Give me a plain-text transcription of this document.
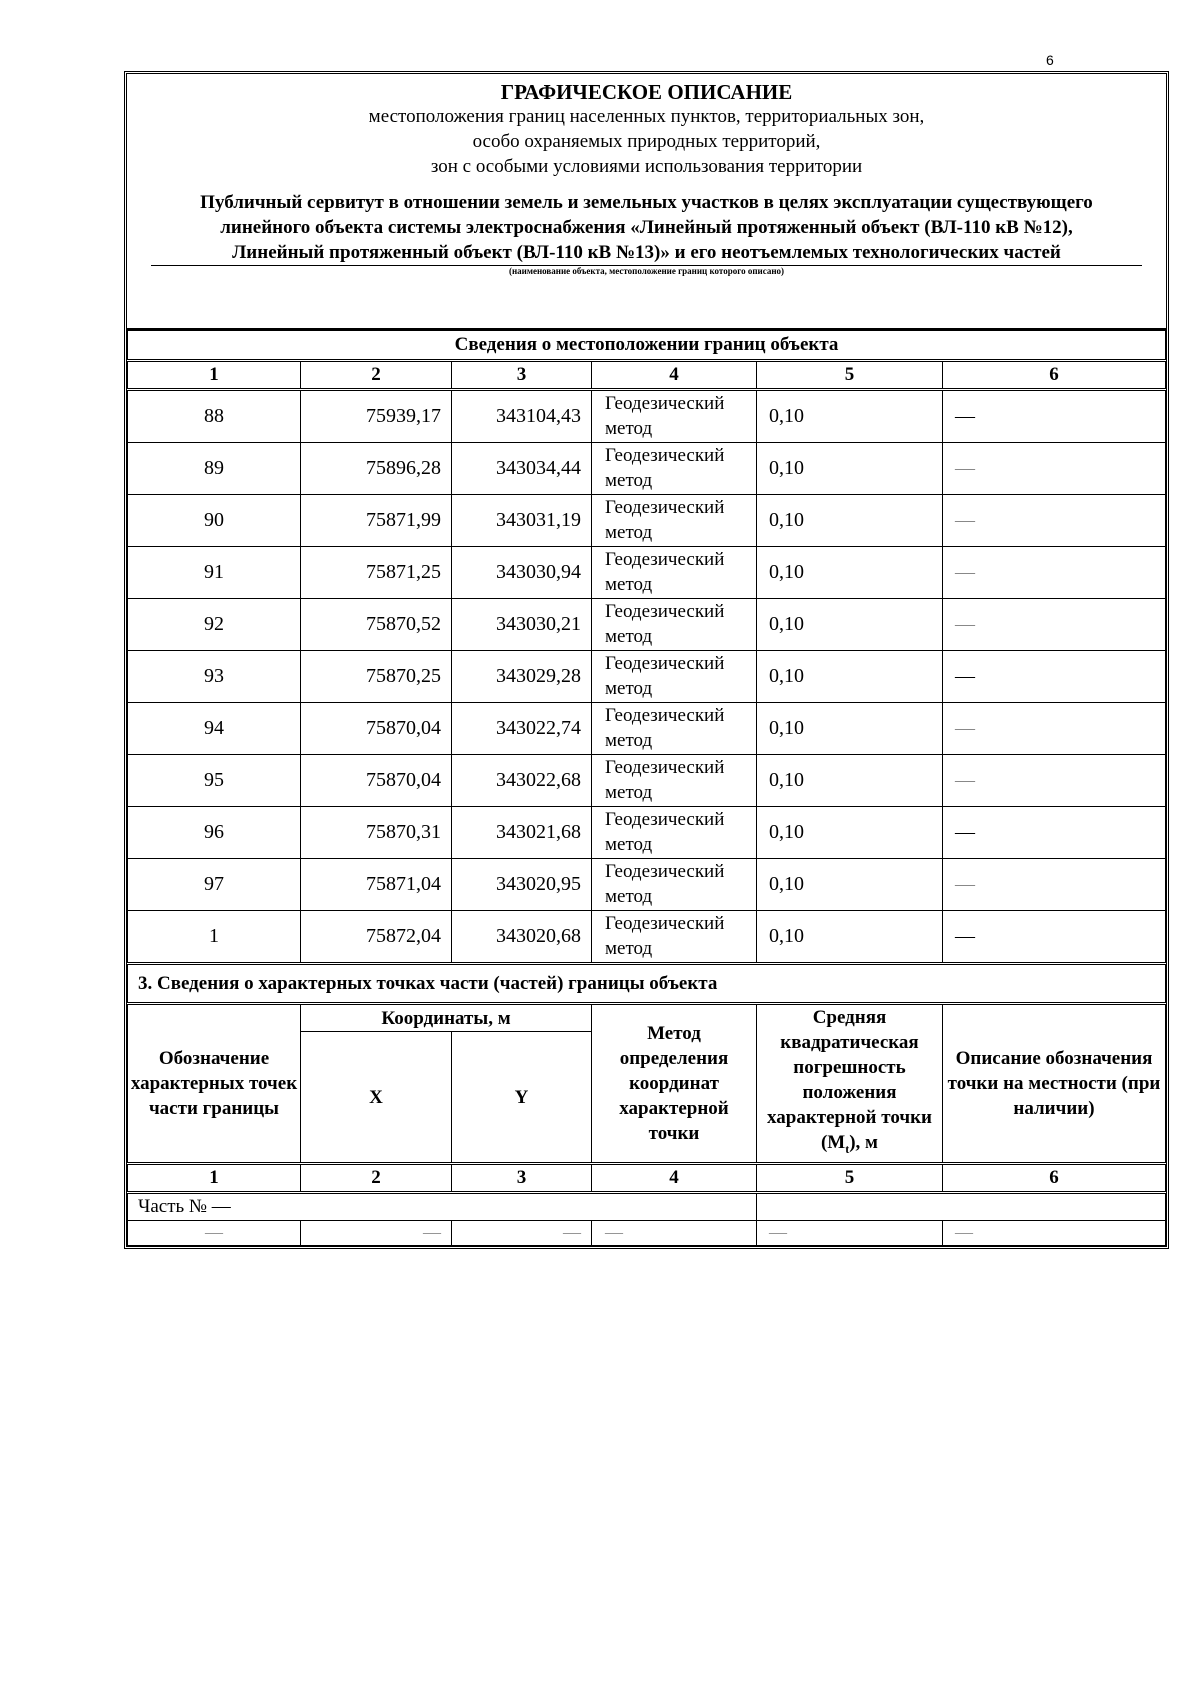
6
ГРАФИЧЕСКОЕ ОПИСАНИЕ
местоположения границ населенных пунктов, территориальных зон,
особо охраняемых природных территорий,
зон с особыми условиями использования территории
Публичный сервитут в отношении земель и земельных участков в целях эксплуатации существующего линейного объекта системы электроснабжения «Линейный протяженный объект (ВЛ-110 кВ №12), Линейный протяженный объект (ВЛ-110 кВ №13)» и его неотъемлемых технологических частей
(наименование объекта, местоположение границ которого описано)
Сведения о местоположении границ объекта					
1	2	3	4	5	6
88	75939,17	343104,43	Геодезический метод	0,10	—
89	75896,28	343034,44	Геодезический метод	0,10	—
90	75871,99	343031,19	Геодезический метод	0,10	—
91	75871,25	343030,94	Геодезический метод	0,10	—
92	75870,52	343030,21	Геодезический метод	0,10	—
93	75870,25	343029,28	Геодезический метод	0,10	—
94	75870,04	343022,74	Геодезический метод	0,10	—
95	75870,04	343022,68	Геодезический метод	0,10	—
96	75870,31	343021,68	Геодезический метод	0,10	—
97	75871,04	343020,95	Геодезический метод	0,10	—
1	75872,04	343020,68	Геодезический метод	0,10	—
3. Сведения о характерных точках части (частей) границы объекта					
Обозначение характерных точек части границы	Координаты, м		Метод определения координат характерной точки	Средняя квадратическая погрешность положения характерной точки $(М_t)$, м	Описание обозначения точки на местности (при наличии)
	X	Y			
1	2	3	4	5	6
Часть № —					
—	—	—	—	—	—
